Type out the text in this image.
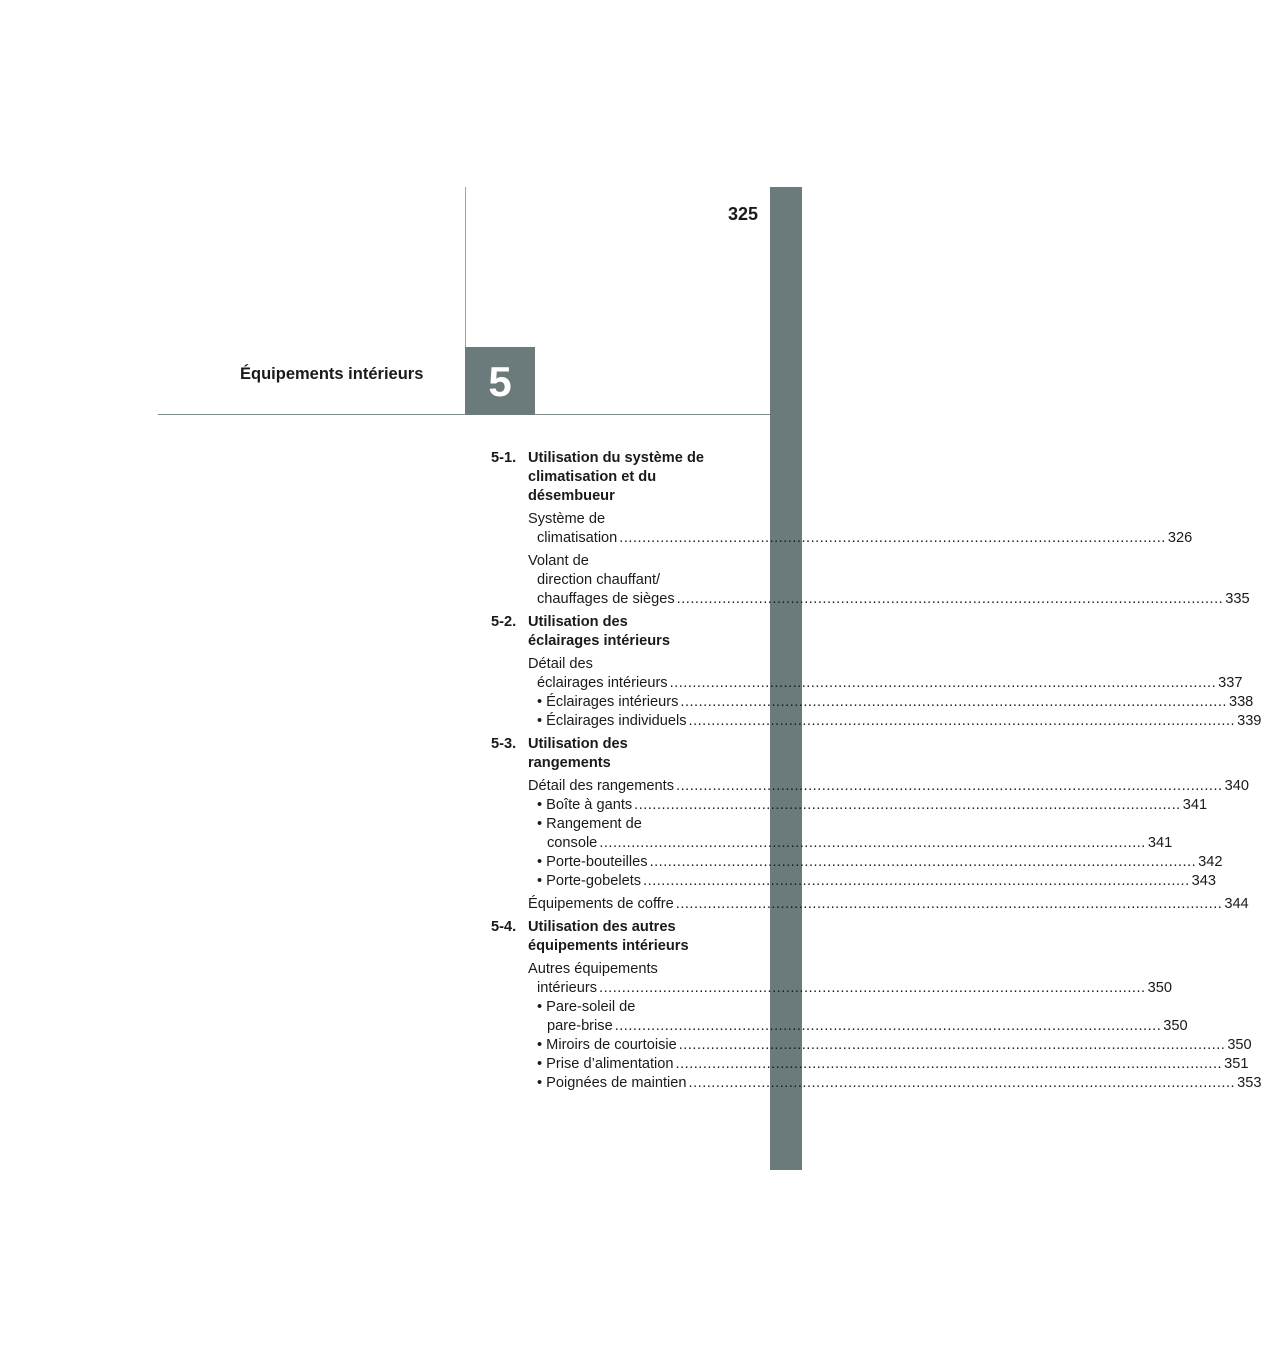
325
5
Équipements intérieurs
5-1. Utilisation du système de
climatisation et du
désembueur
Système de
climatisation ........................................................................................................................ 326
Volant de
direction chauffant/
chauffages de sièges ........................................................................................................................ 335
5-2. Utilisation des
éclairages intérieurs
Détail des
éclairages intérieurs ........................................................................................................................ 337
• Éclairages intérieurs ........................................................................................................................ 338
• Éclairages individuels ........................................................................................................................ 339
5-3. Utilisation des
rangements
Détail des rangements ........................................................................................................................ 340
• Boîte à gants ........................................................................................................................ 341
• Rangement de
console ........................................................................................................................ 341
• Porte-bouteilles ........................................................................................................................ 342
• Porte-gobelets ........................................................................................................................ 343
Équipements de coffre ........................................................................................................................ 344
5-4. Utilisation des autres
équipements intérieurs
Autres équipements
intérieurs ........................................................................................................................ 350
• Pare-soleil de
pare-brise ........................................................................................................................ 350
• Miroirs de courtoisie ........................................................................................................................ 350
• Prise d’alimentation ........................................................................................................................ 351
• Poignées de maintien ........................................................................................................................ 353
